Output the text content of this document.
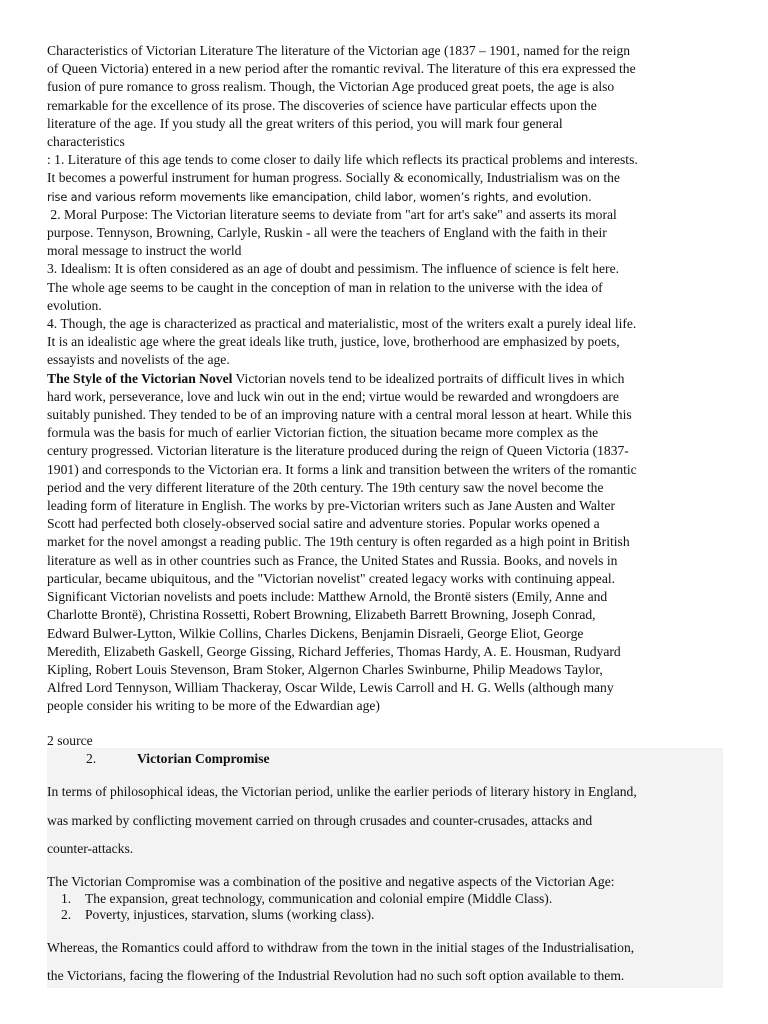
Characteristics of Victorian Literature The literature of the Victorian age (1837 – 1901, named for the reign
of Queen Victoria) entered in a new period after the romantic revival. The literature of this era expressed the
fusion of pure romance to gross realism. Though, the Victorian Age produced great poets, the age is also
remarkable for the excellence of its prose. The discoveries of science have particular effects upon the
literature of the age. If you study all the great writers of this period, you will mark four general
characteristics
: 1. Literature of this age tends to come closer to daily life which reflects its practical problems and interests.
It becomes a powerful instrument for human progress. Socially & economically, Industrialism was on the
rise and various reform movements like emancipation, child labor, women’s rights, and evolution.
2. Moral Purpose: The Victorian literature seems to deviate from "art for art's sake" and asserts its moral
purpose. Tennyson, Browning, Carlyle, Ruskin - all were the teachers of England with the faith in their
moral message to instruct the world
3. Idealism: It is often considered as an age of doubt and pessimism. The influence of science is felt here.
The whole age seems to be caught in the conception of man in relation to the universe with the idea of
evolution.
4. Though, the age is characterized as practical and materialistic, most of the writers exalt a purely ideal life.
It is an idealistic age where the great ideals like truth, justice, love, brotherhood are emphasized by poets,
essayists and novelists of the age.
The Style of the Victorian Novel Victorian novels tend to be idealized portraits of difficult lives in which
hard work, perseverance, love and luck win out in the end; virtue would be rewarded and wrongdoers are
suitably punished. They tended to be of an improving nature with a central moral lesson at heart. While this
formula was the basis for much of earlier Victorian fiction, the situation became more complex as the
century progressed. Victorian literature is the literature produced during the reign of Queen Victoria (1837-
1901) and corresponds to the Victorian era. It forms a link and transition between the writers of the romantic
period and the very different literature of the 20th century. The 19th century saw the novel become the
leading form of literature in English. The works by pre-Victorian writers such as Jane Austen and Walter
Scott had perfected both closely-observed social satire and adventure stories. Popular works opened a
market for the novel amongst a reading public. The 19th century is often regarded as a high point in British
literature as well as in other countries such as France, the United States and Russia. Books, and novels in
particular, became ubiquitous, and the "Victorian novelist" created legacy works with continuing appeal.
Significant Victorian novelists and poets include: Matthew Arnold, the Brontë sisters (Emily, Anne and
Charlotte Brontë), Christina Rossetti, Robert Browning, Elizabeth Barrett Browning, Joseph Conrad,
Edward Bulwer-Lytton, Wilkie Collins, Charles Dickens, Benjamin Disraeli, George Eliot, George
Meredith, Elizabeth Gaskell, George Gissing, Richard Jefferies, Thomas Hardy, A. E. Housman, Rudyard
Kipling, Robert Louis Stevenson, Bram Stoker, Algernon Charles Swinburne, Philip Meadows Taylor,
Alfred Lord Tennyson, William Thackeray, Oscar Wilde, Lewis Carroll and H. G. Wells (although many
people consider his writing to be more of the Edwardian age)
2 source
2.	Victorian Compromise
In terms of philosophical ideas, the Victorian period, unlike the earlier periods of literary history in England,
was marked by conflicting movement carried on through crusades and counter-crusades, attacks and
counter-attacks.
The Victorian Compromise was a combination of the positive and negative aspects of the Victorian Age:
1. The expansion, great technology, communication and colonial empire (Middle Class).
2. Poverty, injustices, starvation, slums (working class).
Whereas, the Romantics could afford to withdraw from the town in the initial stages of the Industrialisation,
the Victorians, facing the flowering of the Industrial Revolution had no such soft option available to them.
